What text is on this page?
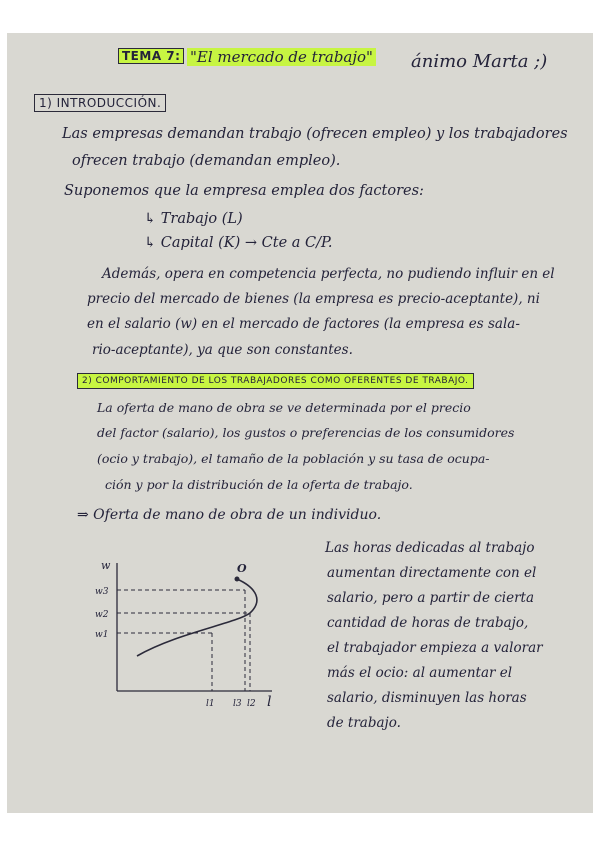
TEMA 7: "El mercado de trabajo" ánimo Marta ;)
1) INTRODUCCIÓN.
Las empresas demandan trabajo (ofrecen empleo) y los trabajadores
ofrecen trabajo (demandan empleo).
Suponemos que la empresa emplea dos factores:
↳ Trabajo (L)
↳ Capital (K) → Cte a C/P.
Además, opera en competencia perfecta, no pudiendo influir en el
precio del mercado de bienes (la empresa es precio-aceptante), ni
en el salario (w) en el mercado de factores (la empresa es sala-
rio-aceptante), ya que son constantes.
2) COMPORTAMIENTO DE LOS TRABAJADORES COMO OFERENTES DE TRABAJO.
La oferta de mano de obra se ve determinada por el precio
del factor (salario), los gustos o preferencias de los consumidores
(ocio y trabajo), el tamaño de la población y su tasa de ocupa-
ción y por la distribución de la oferta de trabajo.
⇒ Oferta de mano de obra de un individuo.
Las horas dedicadas al trabajo
aumentan directamente con el
salario, pero a partir de cierta
cantidad de horas de trabajo,
el trabajador empieza a valorar
más el ocio: al aumentar el
salario, disminuyen las horas
de trabajo.
w
l
O
w3
w2
w1
l1 l3 l2
